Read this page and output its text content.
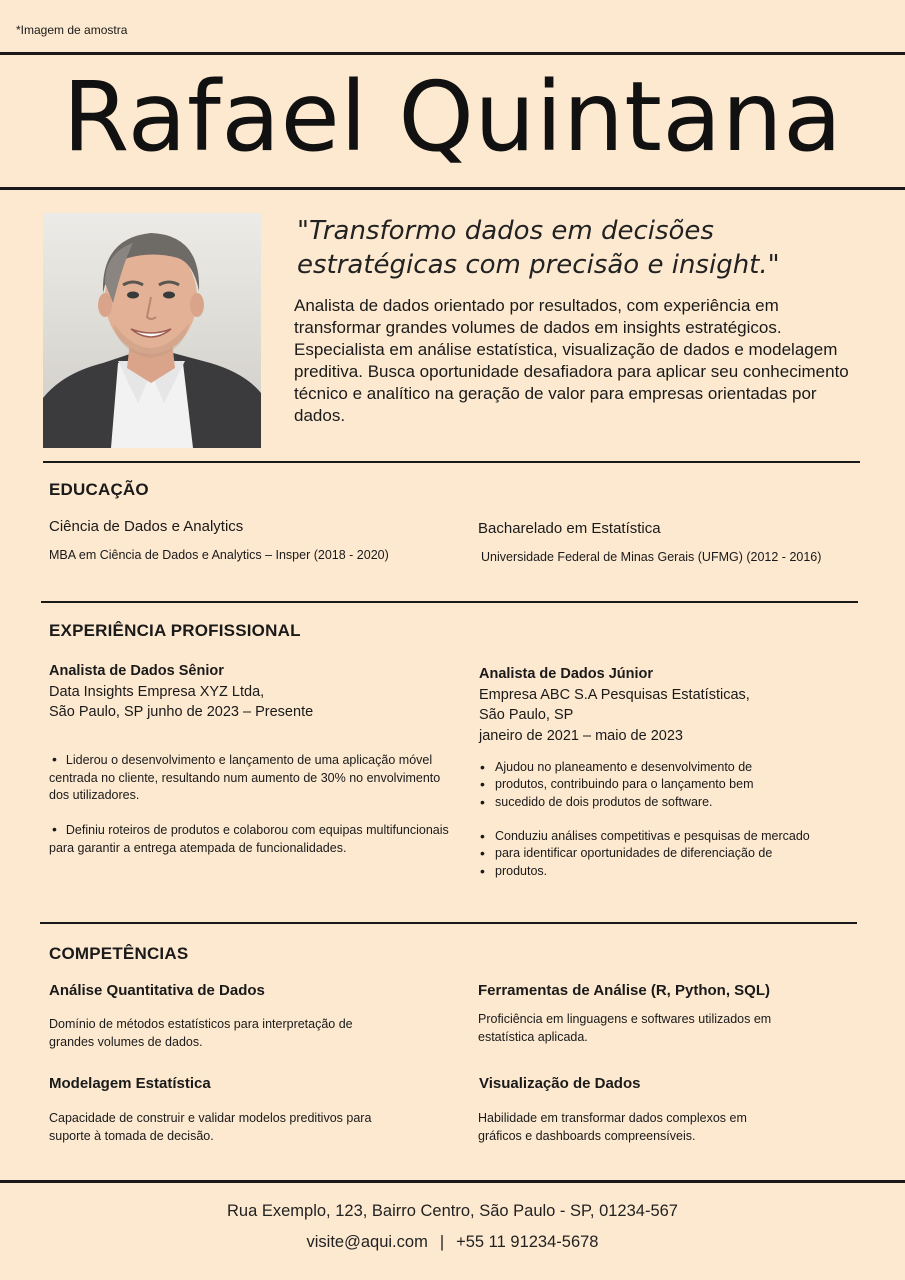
*Imagem de amostra
Rafael Quintana
"Transformo dados em decisões estratégicas com precisão e insight."
Analista de dados orientado por resultados, com experiência em transformar grandes volumes de dados em insights estratégicos. Especialista em análise estatística, visualização de dados e modelagem preditiva. Busca oportunidade desafiadora para aplicar seu conhecimento técnico e analítico na geração de valor para empresas orientadas por dados.
EDUCAÇÃO
Ciência de Dados e Analytics
MBA em Ciência de Dados e Analytics – Insper (2018 - 2020)
Bacharelado em Estatística
Universidade Federal de Minas Gerais (UFMG) (2012 - 2016)
EXPERIÊNCIA PROFISSIONAL
Analista de Dados Sênior
Data Insights Empresa XYZ Ltda,
São Paulo, SP junho de 2023 – Presente
• Liderou o desenvolvimento e lançamento de uma aplicação móvel centrada no cliente, resultando num aumento de 30% no envolvimento dos utilizadores.
• Definiu roteiros de produtos e colaborou com equipas multifuncionais para garantir a entrega atempada de funcionalidades.
Analista de Dados Júnior
Empresa ABC S.A Pesquisas Estatísticas,
São Paulo, SP
janeiro de 2021 – maio de 2023
• Ajudou no planeamento e desenvolvimento de
• produtos, contribuindo para o lançamento bem
• sucedido de dois produtos de software.
• Conduziu análises competitivas e pesquisas de mercado
• para identificar oportunidades de diferenciação de
• produtos.
COMPETÊNCIAS
Análise Quantitativa de Dados
Domínio de métodos estatísticos para interpretação de grandes volumes de dados.
Ferramentas de Análise (R, Python, SQL)
Proficiência em linguagens e softwares utilizados em estatística aplicada.
Modelagem Estatística
Capacidade de construir e validar modelos preditivos para suporte à tomada de decisão.
Visualização de Dados
Habilidade em transformar dados complexos em gráficos e dashboards compreensíveis.
Rua Exemplo, 123, Bairro Centro, São Paulo - SP, 01234-567
visite@aqui.com | +55 11 91234-5678
